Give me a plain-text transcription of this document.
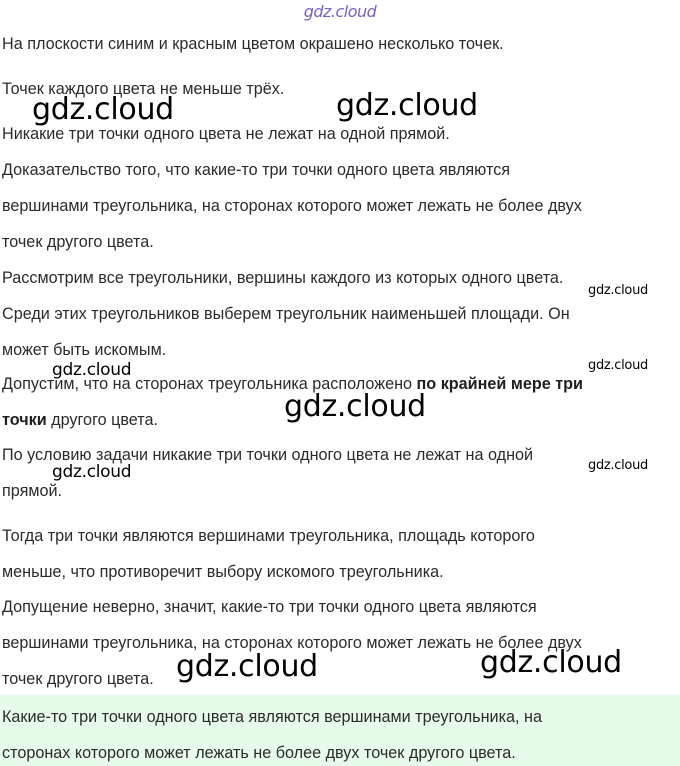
gdz.cloud
На плоскости синим и красным цветом окрашено несколько точек.
Точек каждого цвета не меньше трёх.
Никакие три точки одного цвета не лежат на одной прямой.
Доказательство того, что какие-то три точки одного цвета являются
вершинами треугольника, на сторонах которого может лежать не более двух
точек другого цвета.
Рассмотрим все треугольники, вершины каждого из которых одного цвета.
Среди этих треугольников выберем треугольник наименьшей площади. Он
может быть искомым.
Допустим, что на сторонах треугольника расположено по крайней мере три
точки другого цвета.
По условию задачи никакие три точки одного цвета не лежат на одной
прямой.
Тогда три точки являются вершинами треугольника, площадь которого
меньше, что противоречит выбору искомого треугольника.
Допущение неверно, значит, какие-то три точки одного цвета являются
вершинами треугольника, на сторонах которого может лежать не более двух
точек другого цвета.
Какие-то три точки одного цвета являются вершинами треугольника, на
сторонах которого может лежать не более двух точек другого цвета.
gdz.cloud	gdz.cloud
gdz.cloud
gdz.cloud	gdz.cloud
gdz.cloud
gdz.cloud	gdz.cloud
gdz.cloud	gdz.cloud
